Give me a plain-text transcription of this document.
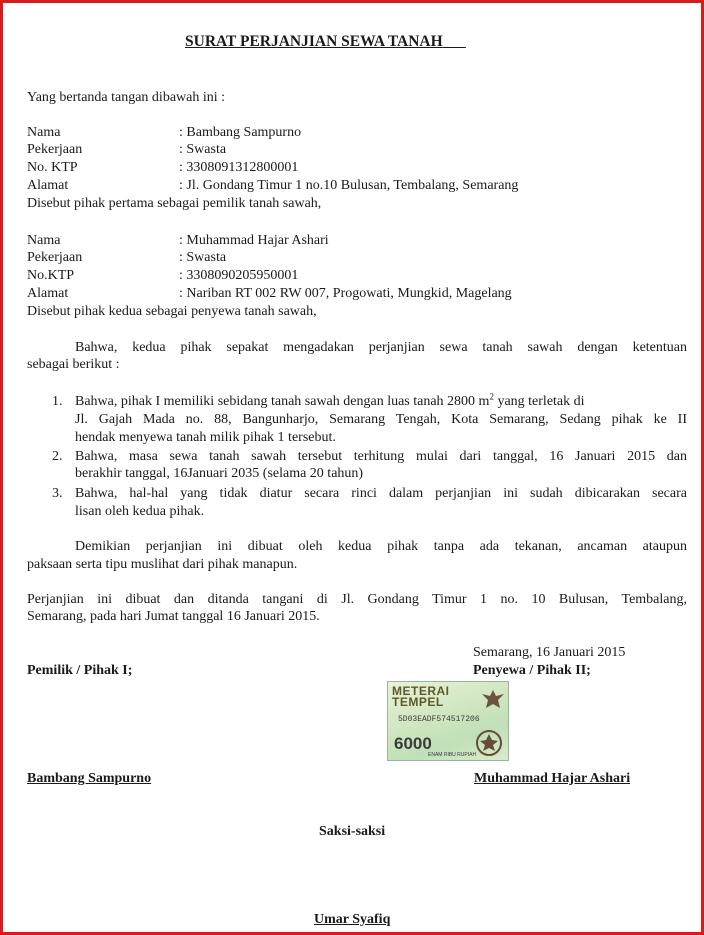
SURAT PERJANJIAN SEWA TANAH
Yang bertanda tangan dibawah ini :
Nama	: Bambang Sampurno
Pekerjaan	: Swasta
No. KTP	: 3308091312800001
Alamat	: Jl. Gondang Timur 1 no.10 Bulusan, Tembalang, Semarang
Disebut pihak pertama sebagai pemilik tanah sawah,
Nama	: Muhammad Hajar Ashari
Pekerjaan	: Swasta
No.KTP	: 3308090205950001
Alamat	: Nariban RT 002 RW 007, Progowati, Mungkid, Magelang
Disebut pihak kedua sebagai penyewa tanah sawah,
Bahwa, kedua pihak sepakat mengadakan perjanjian sewa tanah sawah dengan ketentuan
sebagai berikut :
1. Bahwa, pihak I memiliki sebidang tanah sawah dengan luas tanah 2800 $m^2$ yang terletak di
Jl. Gajah Mada no. 88, Bangunharjo, Semarang Tengah, Kota Semarang, Sedang pihak ke II
hendak menyewa tanah milik pihak 1 tersebut.
2. Bahwa, masa sewa tanah sawah tersebut terhitung mulai dari tanggal, 16 Januari 2015 dan
berakhir tanggal, 16Januari 2035 (selama 20 tahun)
3. Bahwa, hal-hal yang tidak diatur secara rinci dalam perjanjian ini sudah dibicarakan secara
lisan oleh kedua pihak.
Demikian perjanjian ini dibuat oleh kedua pihak tanpa ada tekanan, ancaman ataupun
paksaan serta tipu muslihat dari pihak manapun.
Perjanjian ini dibuat dan ditanda tangani di Jl. Gondang Timur 1 no. 10 Bulusan, Tembalang,
Semarang, pada hari Jumat tanggal 16 Januari 2015.
Semarang, 16 Januari 2015
Pemilik / Pihak I;	Penyewa / Pihak II;
METERAI
TEMPEL
5D03EADF574517206
6000
ENAM RIBU RUPIAH
Bambang Sampurno	Muhammad Hajar Ashari
Saksi-saksi
Umar Syafiq
